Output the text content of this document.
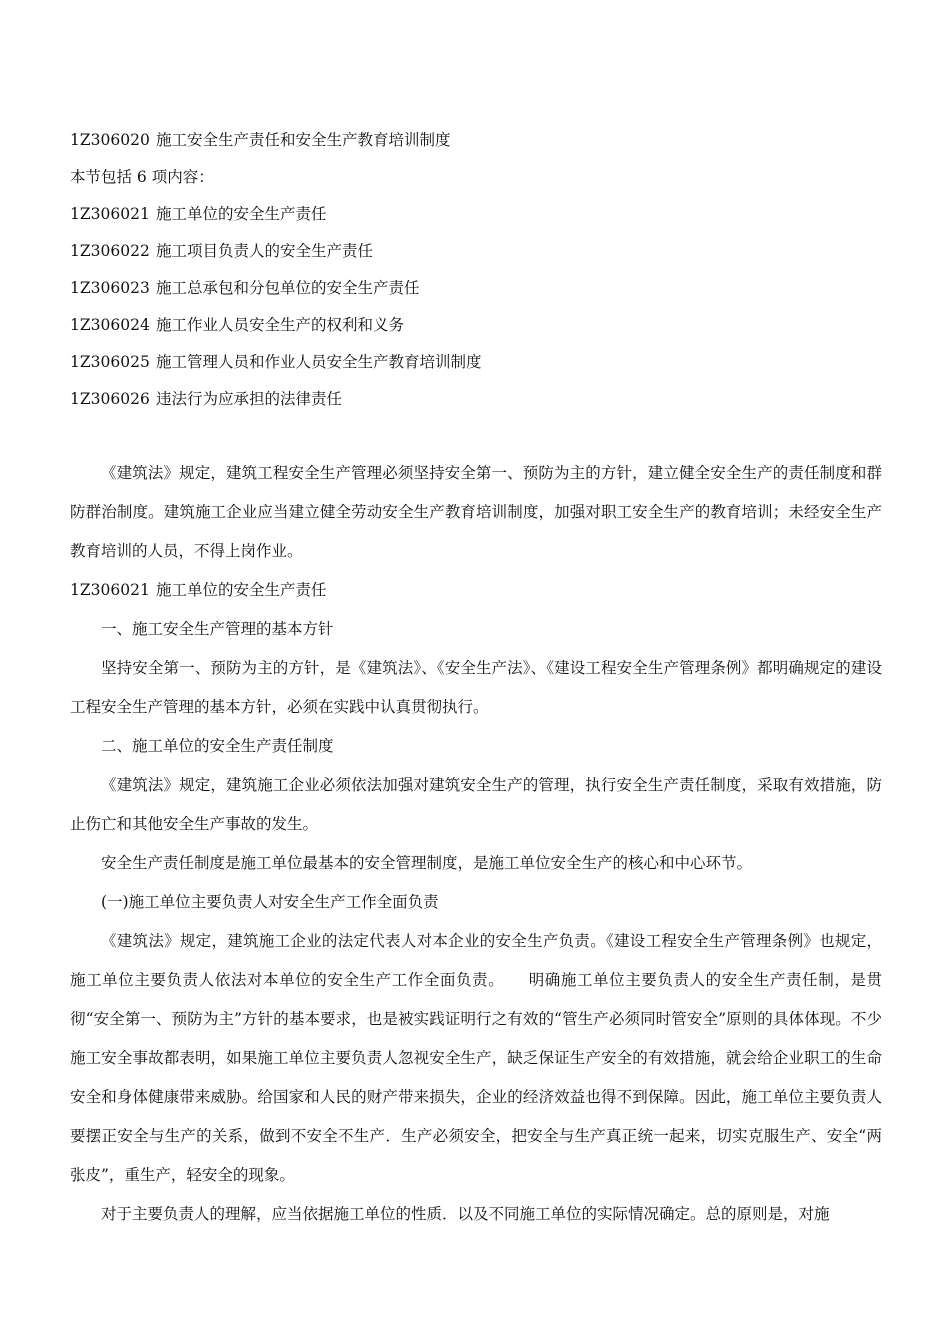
1Z306020 施工安全生产责任和安全生产教育培训制度
本节包括 6 项内容：
1Z306021 施工单位的安全生产责任
1Z306022 施工项目负责人的安全生产责任
1Z306023 施工总承包和分包单位的安全生产责任
1Z306024 施工作业人员安全生产的权利和义务
1Z306025 施工管理人员和作业人员安全生产教育培训制度
1Z306026 违法行为应承担的法律责任

《建筑法》规定，建筑工程安全生产管理必须坚持安全第一、预防为主的方针，建立健全安全生产的责任制度和群防群治制度。建筑施工企业应当建立健全劳动安全生产教育培训制度，加强对职工安全生产的教育培训；未经安全生产教育培训的人员，不得上岗作业。

1Z306021 施工单位的安全生产责任

一、施工安全生产管理的基本方针

坚持安全第一、预防为主的方针，是《建筑法》、《安全生产法》、《建设工程安全生产管理条例》都明确规定的建设工程安全生产管理的基本方针，必须在实践中认真贯彻执行。

二、施工单位的安全生产责任制度

《建筑法》规定，建筑施工企业必须依法加强对建筑安全生产的管理，执行安全生产责任制度，采取有效措施，防止伤亡和其他安全生产事故的发生。

安全生产责任制度是施工单位最基本的安全管理制度，是施工单位安全生产的核心和中心环节。

(一)施工单位主要负责人对安全生产工作全面负责

《建筑法》规定，建筑施工企业的法定代表人对本企业的安全生产负责。《建设工程安全生产管理条例》也规定，施工单位主要负责人依法对本单位的安全生产工作全面负责。　　明确施工单位主要负责人的安全生产责任制，是贯彻“安全第一、预防为主”方针的基本要求，也是被实践证明行之有效的“管生产必须同时管安全”原则的具体体现。不少施工安全事故都表明，如果施工单位主要负责人忽视安全生产，缺乏保证生产安全的有效措施，就会给企业职工的生命安全和身体健康带来威胁。给国家和人民的财产带来损失，企业的经济效益也得不到保障。因此，施工单位主要负责人要摆正安全与生产的关系，做到不安全不生产．生产必须安全，把安全与生产真正统一起来，切实克服生产、安全“两张皮”，重生产，轻安全的现象。

对于主要负责人的理解，应当依据施工单位的性质．以及不同施工单位的实际情况确定。总的原则是，对施
